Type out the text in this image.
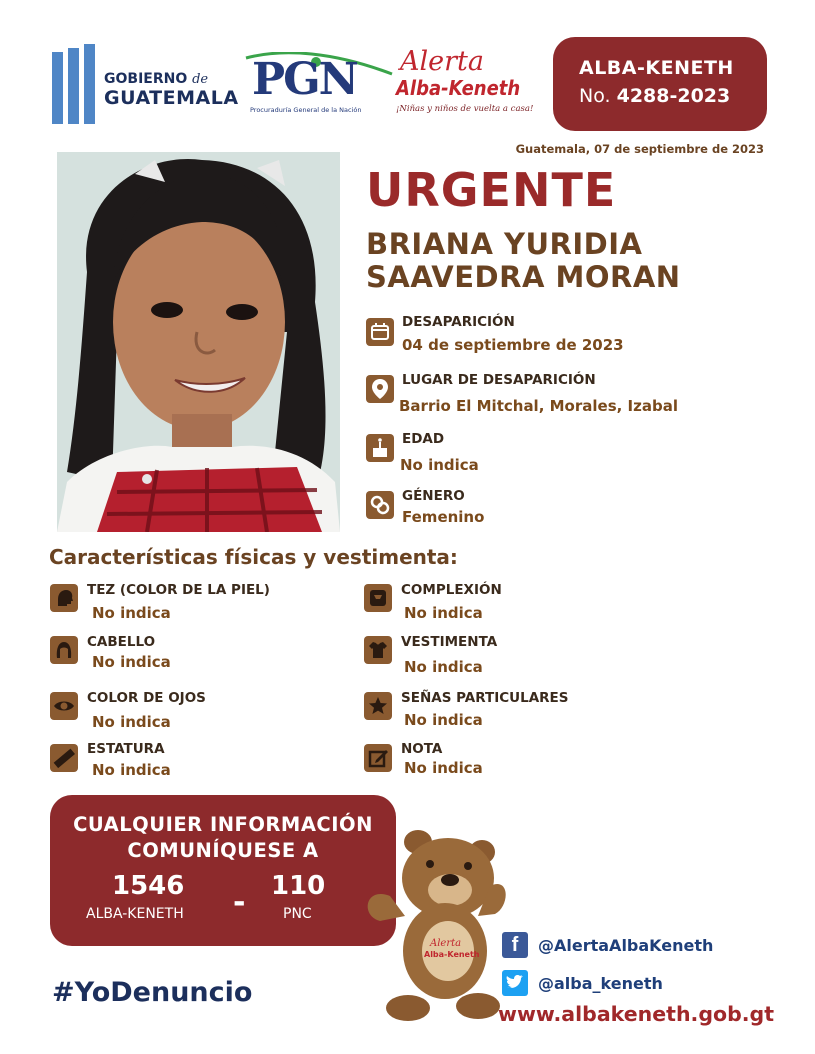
GOBIERNO de
GUATEMALA PGN
Procuraduría General de la Nación
Alerta
Alba-Keneth
¡Niñas y niños de vuelta a casa!
ALBA-KENETH
No. 4288-2023
Guatemala, 07 de septiembre de 2023
URGENTE
BRIANA YURIDIA
SAAVEDRA MORAN
DESAPARICIÓN
04 de septiembre de 2023
LUGAR DE DESAPARICIÓN
Barrio El Mitchal, Morales, Izabal
EDAD
No indica
GÉNERO
Femenino
Características físicas y vestimenta:
TEZ (COLOR DE LA PIEL)
No indica
CABELLO
No indica
COLOR DE OJOS
No indica
ESTATURA
No indica
COMPLEXIÓN
No indica
VESTIMENTA
No indica
SEÑAS PARTICULARES
No indica
NOTA
No indica
CUALQUIER INFORMACIÓN
COMUNÍQUESE A
1546
ALBA-KENETH - 110
PNC
Alerta
Alba-Keneth
#YoDenuncio
f	@AlertaAlbaKeneth
@alba_keneth
www.albakeneth.gob.gt
